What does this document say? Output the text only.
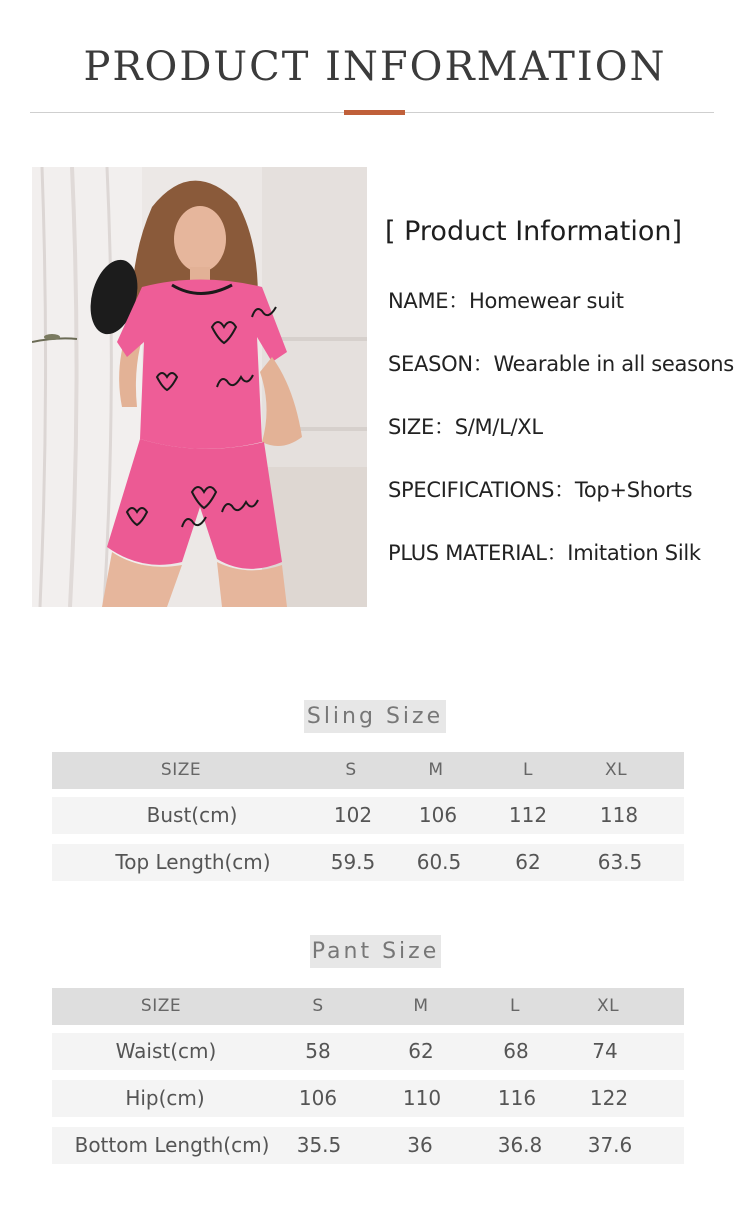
PRODUCT INFORMATION
[ Product Information]
NAME：Homewear suit
SEASON：Wearable in all seasons
SIZE：S/M/L/XL
SPECIFICATIONS：Top+Shorts
PLUS MATERIAL：Imitation Silk
Sling Size
SIZE	S	M	L	XL
Bust(cm)	102 106	112	118
Top Length(cm)	59.5 60.5	62	63.5
Pant Size
SIZE	S	M	L	XL
Waist(cm)	58	62	68	74
Hip(cm)	106	110	116	122
Bottom Length(cm) 35.5	36	36.8 37.6
